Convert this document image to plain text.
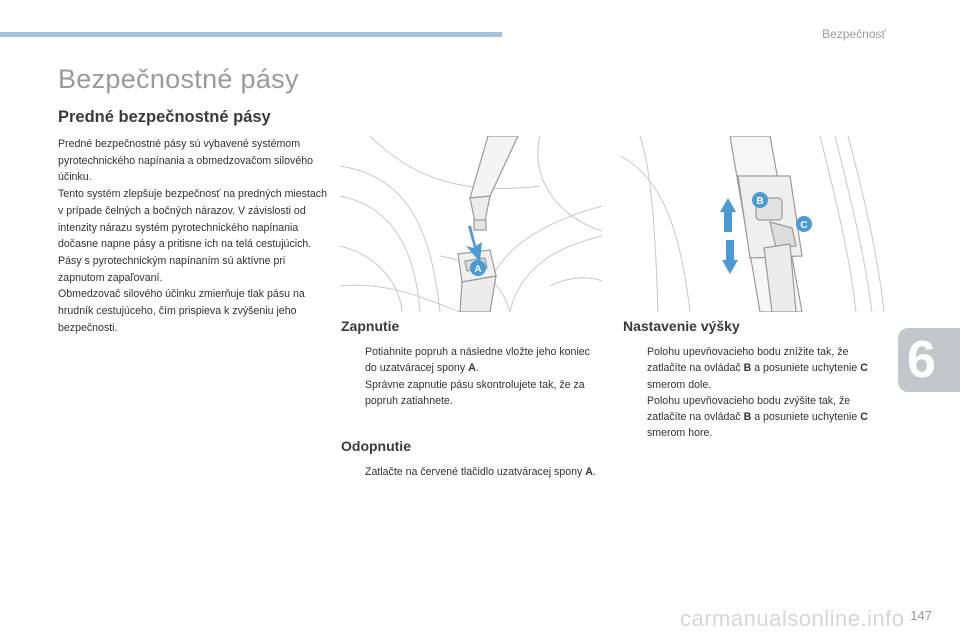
Bezpečnosť
Bezpečnostné pásy
Predné bezpečnostné pásy

Predné bezpečnostné pásy sú vybavené systémom pyrotechnického napínania a obmedzovačom silového účinku.

Tento systém zlepšuje bezpečnosť na predných miestach v prípade čelných a bočných nárazov. V závislosti od intenzity nárazu systém pyrotechnického napínania dočasne napne pásy a pritisne ich na telá cestujúcich.

Pásy s pyrotechnickým napínaním sú aktívne pri zapnutom zapaľovaní.

Obmedzovač silového účinku zmierňuje tlak pásu na hrudník cestujúceho, čím prispieva k zvýšeniu jeho bezpečnosti.

A
B
C
Zapnutie
Potiahnite popruh a následne vložte jeho koniec do uzatváracej spony A.
Správne zapnutie pásu skontrolujete tak, že za popruh zatiahnete.
Odopnutie
Zatlačte na červené tlačidlo uzatváracej spony A.
Nastavenie výšky
Polohu upevňovacieho bodu znížite tak, že zatlačíte na ovládač B a posuniete uchytenie C smerom dole.
Polohu upevňovacieho bodu zvýšite tak, že zatlačíte na ovládač B a posuniete uchytenie C smerom hore.
6
carmanualsonline.info 147
